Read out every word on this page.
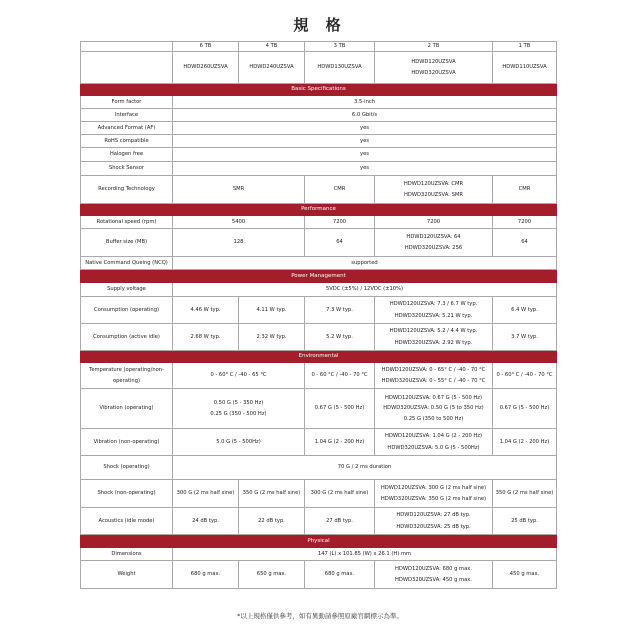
規 格
	6 TB	4 TB	3 TB	2 TB	1 TB
	HDWD260UZSVA	HDWD240UZSVA	HDWD130UZSVA	HDWD120UZSVA
HDWD320UZSVA	HDWD110UZSVA
Basic Specifications					
Form factor	3.5-inch				
Interface	6.0 Gbit/s				
Advanced Format (AF)	yes				
RoHS compatible	yes				
Halogen free	yes				
Shock Sensor	yes				
Recording Technology	SMR		CMR	HDWD120UZSVA: CMR
HDWD320UZSVA: SMR	CMR
Performance					
Rotational speed (rpm)	5400		7200	7200	7200
Buffer size (MB)	128		64	HDWD120UZSVA: 64
HDWD320UZSVA: 256	64
Native Command Queing (NCQ)	supported				
Power Management					
Supply voltage	5VDC (±5%) / 12VDC (±10%)				
Consumption (operating)	4.46 W typ.	4.11 W typ.	7.3 W typ.	HDWD120UZSVA: 7.3 / 6.7 W typ.
HDWD320UZSVA: 5.21 W typ.	6.4 W typ.
Consumption (active idle)	2.68 W typ.	2.32 W typ.	5.2 W typ.	HDWD120UZSVA: 5.2 / 4.4 W typ.
HDWD320UZSVA: 2.92 W typ.	3.7 W typ.
Environmental					

Temperature (operating/non-
operating)	0 - 60° C / -40 - 65 °C		0 - 60 °C / -40 - 70 °C	HDWD120UZSVA: 0 - 65° C / -40 - 70 °C
HDWD320UZSVA: 0 - 55° C / -40 - 70 °C	0 - 60° C / -40 - 70 °C
Vibration (operating)	0.50 G (5 - 350 Hz)
0.25 G (350 - 500 Hz)		0.67 G (5 - 500 Hz)	HDWD120UZSVA: 0.67 G (5 - 500 Hz)
HDWD320UZSVA: 0.50 G (5 to 350 Hz)
0.25 G (350 to 500 Hz)	0.67 G (5 - 500 Hz)
Vibration (non-operating)	5.0 G (5 - 500Hz)		1.04 G (2 - 200 Hz)	HDWD120UZSVA: 1.04 G (2 - 200 Hz)
HDWD320UZSVA: 5.0 G (5 - 500Hz)	1.04 G (2 - 200 Hz)
Shock (operating)	70 G / 2 ms duration				
Shock (non-operating)	300 G (2 ms half sine)	350 G (2 ms half sine)	300 G (2 ms half sine)	HDWD120UZSVA: 300 G (2 ms half sine)
HDWD320UZSVA: 350 G (2 ms half sine)	350 G (2 ms half sine)
Acoustics (idle mode)	24 dB typ.	22 dB typ.	27 dB typ.	HDWD120UZSVA: 27 dB typ.
HDWD320UZSVA: 25 dB typ.	25 dB typ.
Physical					
Dimensions	147 (L) x 101.85 (W) x 26.1 (H) mm				
Weight	680 g max.	650 g max.	680 g max.	HDWD120UZSVA: 680 g max.
HDWD320UZSVA: 450 g max.	450 g max.
*以上規格僅供參考，如有異動請參照原廠官網標示為準。
